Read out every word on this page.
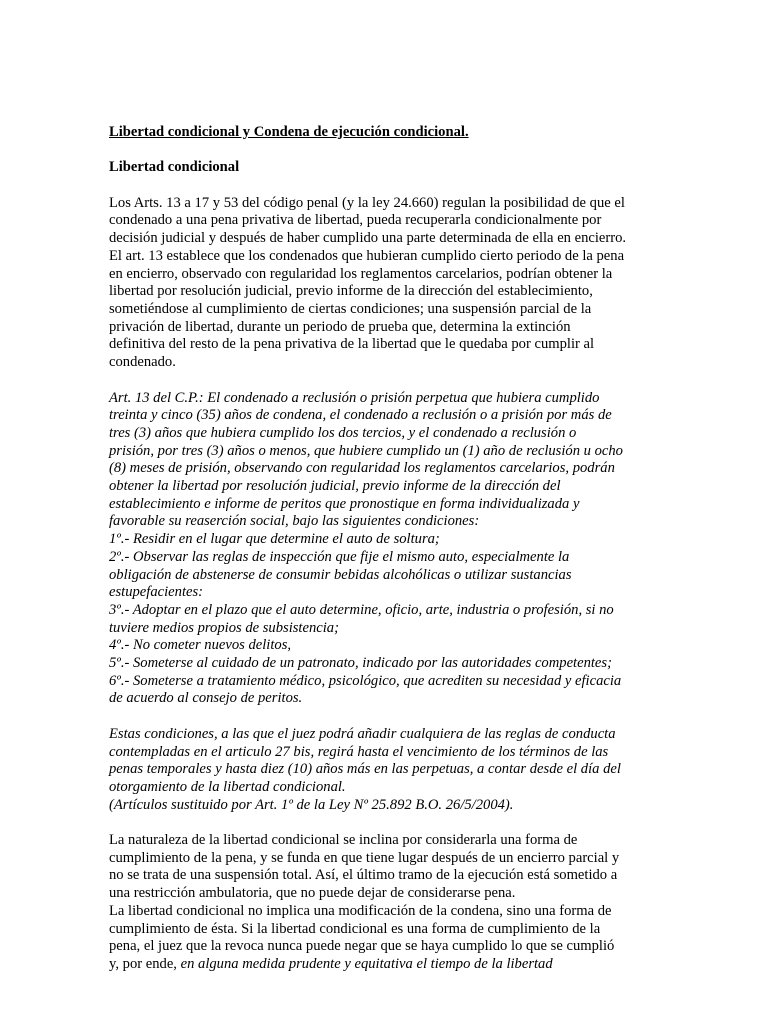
Libertad condicional y Condena de ejecución condicional.
Libertad condicional
Los Arts. 13 a 17 y 53 del código penal (y la ley 24.660) regulan la posibilidad de que el
condenado a una pena privativa de libertad, pueda recuperarla condicionalmente por
decisión judicial y después de haber cumplido una parte determinada de ella en encierro.
El art. 13 establece que los condenados que hubieran cumplido cierto periodo de la pena
en encierro, observado con regularidad los reglamentos carcelarios, podrían obtener la
libertad por resolución judicial, previo informe de la dirección del establecimiento,
sometiéndose al cumplimiento de ciertas condiciones; una suspensión parcial de la
privación de libertad, durante un periodo de prueba que, determina la extinción
definitiva del resto de la pena privativa de la libertad que le quedaba por cumplir al
condenado.
Art. 13 del C.P.: El condenado a reclusión o prisión perpetua que hubiera cumplido
treinta y cinco (35) años de condena, el condenado a reclusión o a prisión por más de
tres (3) años que hubiera cumplido los dos tercios, y el condenado a reclusión o
prisión, por tres (3) años o menos, que hubiere cumplido un (1) año de reclusión u ocho
(8) meses de prisión, observando con regularidad los reglamentos carcelarios, podrán
obtener la libertad por resolución judicial, previo informe de la dirección del
establecimiento e informe de peritos que pronostique en forma individualizada y
favorable su reaserción social, bajo las siguientes condiciones:
1º.- Residir en el lugar que determine el auto de soltura;
2º.- Observar las reglas de inspección que fije el mismo auto, especialmente la
obligación de abstenerse de consumir bebidas alcohólicas o utilizar sustancias
estupefacientes:
3º.- Adoptar en el plazo que el auto determine, oficio, arte, industria o profesión, si no
tuviere medios propios de subsistencia;
4º.- No cometer nuevos delitos,
5º.- Someterse al cuidado de un patronato, indicado por las autoridades competentes;
6º.- Someterse a tratamiento médico, psicológico, que acrediten su necesidad y eficacia
de acuerdo al consejo de peritos.
Estas condiciones, a las que el juez podrá añadir cualquiera de las reglas de conducta
contempladas en el articulo 27 bis, regirá hasta el vencimiento de los términos de las
penas temporales y hasta diez (10) años más en las perpetuas, a contar desde el día del
otorgamiento de la libertad condicional.
(Artículos sustituido por Art. 1º de la Ley Nº 25.892 B.O. 26/5/2004).
La naturaleza de la libertad condicional se inclina por considerarla una forma de
cumplimiento de la pena, y se funda en que tiene lugar después de un encierro parcial y
no se trata de una suspensión total. Así, el último tramo de la ejecución está sometido a
una restricción ambulatoria, que no puede dejar de considerarse pena.
La libertad condicional no implica una modificación de la condena, sino una forma de
cumplimiento de ésta. Si la libertad condicional es una forma de cumplimiento de la
pena, el juez que la revoca nunca puede negar que se haya cumplido lo que se cumplió
y, por ende, en alguna medida prudente y equitativa el tiempo de la libertad
